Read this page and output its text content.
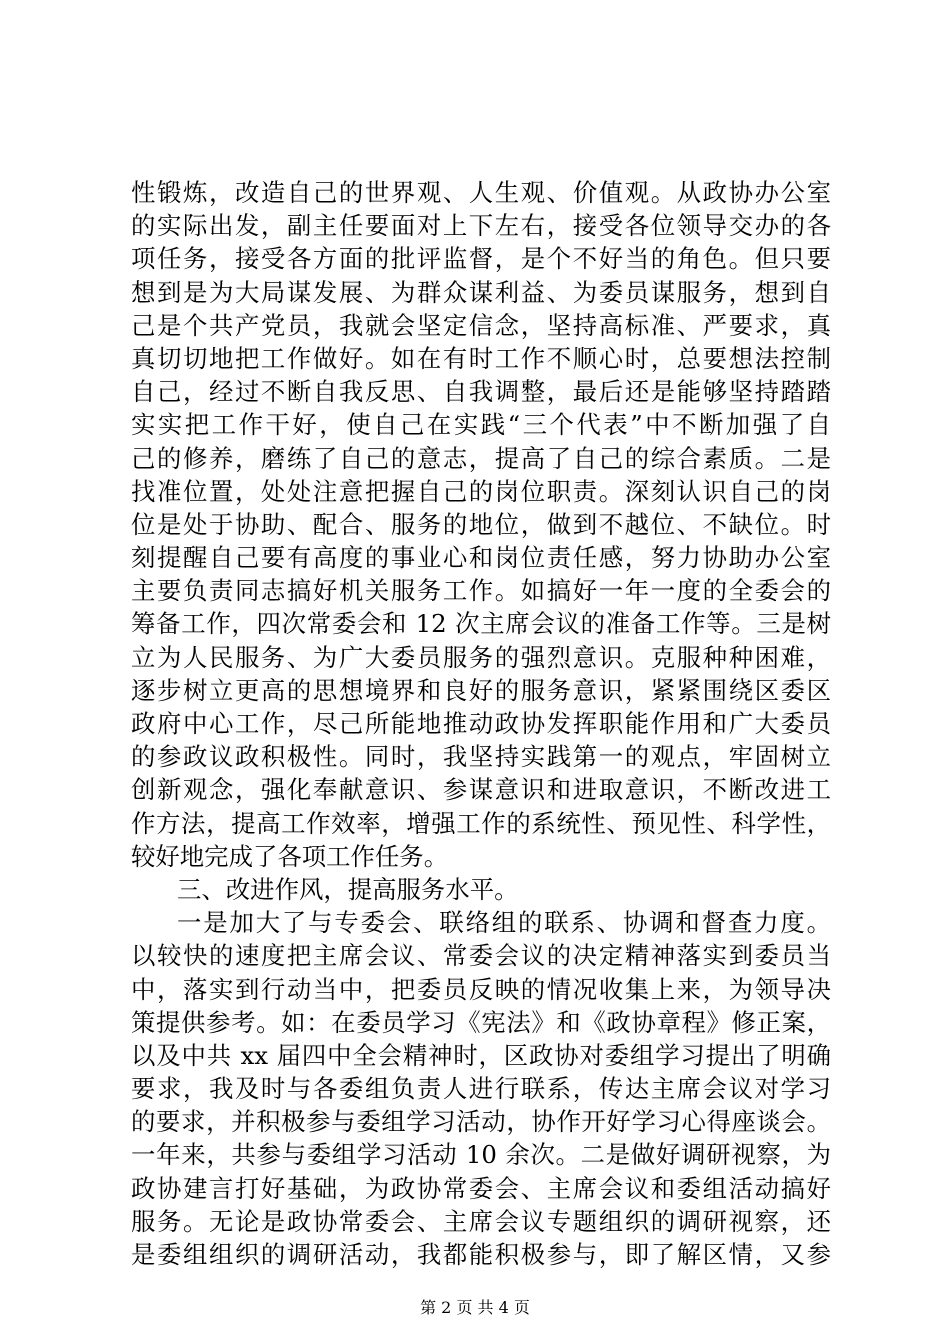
性锻炼，改造自己的世界观、人生观、价值观。从政协办公室
的实际出发，副主任要面对上下左右，接受各位领导交办的各
项任务，接受各方面的批评监督，是个不好当的角色。但只要
想到是为大局谋发展、为群众谋利益、为委员谋服务，想到自
己是个共产党员，我就会坚定信念，坚持高标准、严要求，真
真切切地把工作做好。如在有时工作不顺心时，总要想法控制
自己，经过不断自我反思、自我调整，最后还是能够坚持踏踏
实实把工作干好，使自己在实践“三个代表”中不断加强了自
己的修养，磨练了自己的意志，提高了自己的综合素质。二是
找准位置，处处注意把握自己的岗位职责。深刻认识自己的岗
位是处于协助、配合、服务的地位，做到不越位、不缺位。时
刻提醒自己要有高度的事业心和岗位责任感，努力协助办公室
主要负责同志搞好机关服务工作。如搞好一年一度的全委会的
筹备工作，四次常委会和 12 次主席会议的准备工作等。三是树
立为人民服务、为广大委员服务的强烈意识。克服种种困难，
逐步树立更高的思想境界和良好的服务意识，紧紧围绕区委区
政府中心工作，尽己所能地推动政协发挥职能作用和广大委员
的参政议政积极性。同时，我坚持实践第一的观点，牢固树立
创新观念，强化奉献意识、参谋意识和进取意识，不断改进工
作方法，提高工作效率，增强工作的系统性、预见性、科学性，
较好地完成了各项工作任务。
三、改进作风，提高服务水平。
一是加大了与专委会、联络组的联系、协调和督查力度。
以较快的速度把主席会议、常委会议的决定精神落实到委员当
中，落实到行动当中，把委员反映的情况收集上来，为领导决
策提供参考。如：在委员学习《宪法》和《政协章程》修正案，
以及中共 xx 届四中全会精神时，区政协对委组学习提出了明确
要求，我及时与各委组负责人进行联系，传达主席会议对学习
的要求，并积极参与委组学习活动，协作开好学习心得座谈会。
一年来，共参与委组学习活动 10 余次。二是做好调研视察，为
政协建言打好基础，为政协常委会、主席会议和委组活动搞好
服务。无论是政协常委会、主席会议专题组织的调研视察，还
是委组组织的调研活动，我都能积极参与，即了解区情，又参
第 2 页 共 4 页
